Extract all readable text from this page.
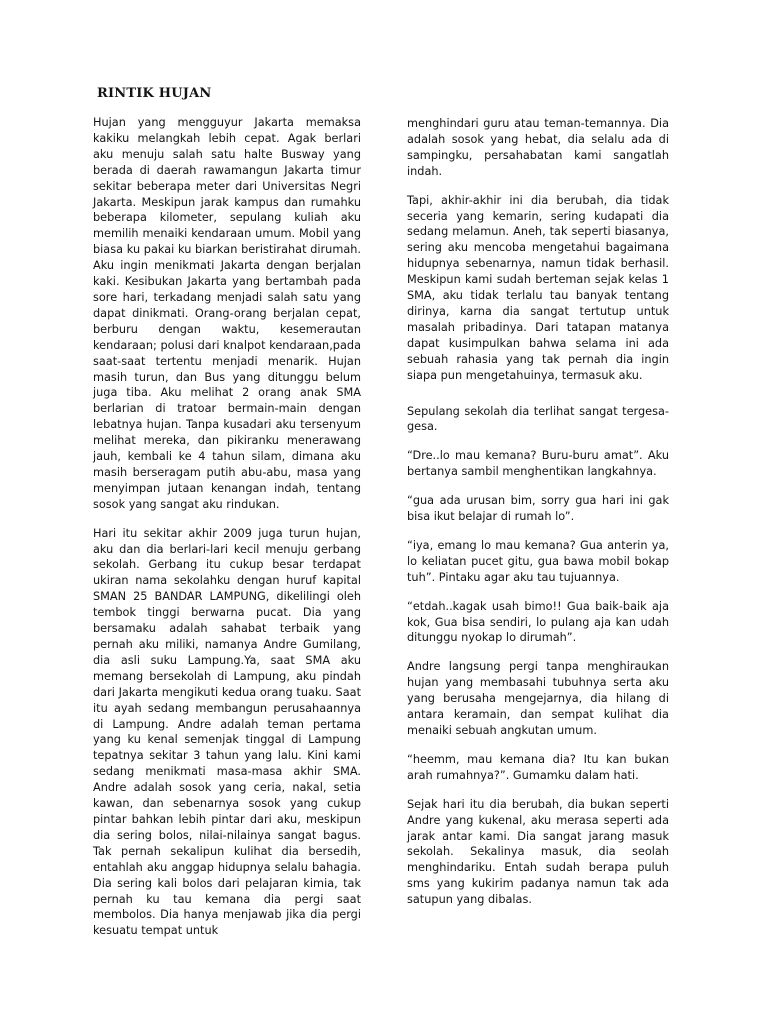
RINTIK HUJAN

Hujan yang mengguyur Jakarta memaksa kakiku melangkah lebih cepat. Agak berlari aku menuju salah satu halte Busway yang berada di daerah rawamangun Jakarta timur sekitar beberapa meter dari Universitas Negri Jakarta. Meskipun jarak kampus dan rumahku beberapa kilometer, sepulang kuliah aku memilih menaiki kendaraan umum. Mobil yang biasa ku pakai ku biarkan beristirahat dirumah. Aku ingin menikmati Jakarta dengan berjalan kaki. Kesibukan Jakarta yang bertambah pada sore hari, terkadang menjadi salah satu yang dapat dinikmati. Orang-orang berjalan cepat, berburu dengan waktu, kesemerautan kendaraan; polusi dari knalpot kendaraan,pada saat-saat tertentu menjadi menarik. Hujan masih turun, dan Bus yang ditunggu belum juga tiba. Aku melihat 2 orang anak SMA berlarian di tratoar bermain-main dengan lebatnya hujan. Tanpa kusadari aku tersenyum melihat mereka, dan pikiranku menerawang jauh, kembali ke 4 tahun silam, dimana aku masih berseragam putih abu-abu, masa yang menyimpan jutaan kenangan indah, tentang sosok yang sangat aku rindukan.

Hari itu sekitar akhir 2009 juga turun hujan, aku dan dia berlari-lari kecil menuju gerbang sekolah. Gerbang itu cukup besar terdapat ukiran nama sekolahku dengan huruf kapital SMAN 25 BANDAR LAMPUNG, dikelilingi oleh tembok tinggi berwarna pucat. Dia yang bersamaku adalah sahabat terbaik yang pernah aku miliki, namanya Andre Gumilang, dia asli suku Lampung.Ya, saat SMA aku memang bersekolah di Lampung, aku pindah dari Jakarta mengikuti kedua orang tuaku. Saat itu ayah sedang membangun perusahaannya di Lampung. Andre adalah teman pertama yang ku kenal semenjak tinggal di Lampung tepatnya sekitar 3 tahun yang lalu. Kini kami sedang menikmati masa-masa akhir SMA. Andre adalah sosok yang ceria, nakal, setia kawan, dan sebenarnya sosok yang cukup pintar bahkan lebih pintar dari aku, meskipun dia sering bolos, nilai-nilainya sangat bagus. Tak pernah sekalipun kulihat dia bersedih, entahlah aku anggap hidupnya selalu bahagia. Dia sering kali bolos dari pelajaran kimia, tak pernah ku tau kemana dia pergi saat membolos. Dia hanya menjawab jika dia pergi kesuatu tempat untuk

menghindari guru atau teman-temannya. Dia adalah sosok yang hebat, dia selalu ada di sampingku, persahabatan kami sangatlah indah.

Tapi, akhir-akhir ini dia berubah, dia tidak seceria yang kemarin, sering kudapati dia sedang melamun. Aneh, tak seperti biasanya, sering aku mencoba mengetahui bagaimana hidupnya sebenarnya, namun tidak berhasil. Meskipun kami sudah berteman sejak kelas 1 SMA, aku tidak terlalu tau banyak tentang dirinya, karna dia sangat tertutup untuk masalah pribadinya. Dari tatapan matanya dapat kusimpulkan bahwa selama ini ada sebuah rahasia yang tak pernah dia ingin siapa pun mengetahuinya, termasuk aku.

Sepulang sekolah dia terlihat sangat tergesa-gesa.

“Dre..lo mau kemana? Buru-buru amat”. Aku bertanya sambil menghentikan langkahnya.

“gua ada urusan bim, sorry gua hari ini gak bisa ikut belajar di rumah lo”.

“iya, emang lo mau kemana? Gua anterin ya, lo keliatan pucet gitu, gua bawa mobil bokap tuh”. Pintaku agar aku tau tujuannya.

“etdah..kagak usah bimo!! Gua baik-baik aja kok, Gua bisa sendiri, lo pulang aja kan udah ditunggu nyokap lo dirumah”.

Andre langsung pergi tanpa menghiraukan hujan yang membasahi tubuhnya serta aku yang berusaha mengejarnya, dia hilang di antara keramain, dan sempat kulihat dia menaiki sebuah angkutan umum.

“heemm, mau kemana dia? Itu kan bukan arah rumahnya?”. Gumamku dalam hati.

Sejak hari itu dia berubah, dia bukan seperti Andre yang kukenal, aku merasa seperti ada jarak antar kami. Dia sangat jarang masuk sekolah. Sekalinya masuk, dia seolah menghindariku. Entah sudah berapa puluh sms yang kukirim padanya namun tak ada satupun yang dibalas.
